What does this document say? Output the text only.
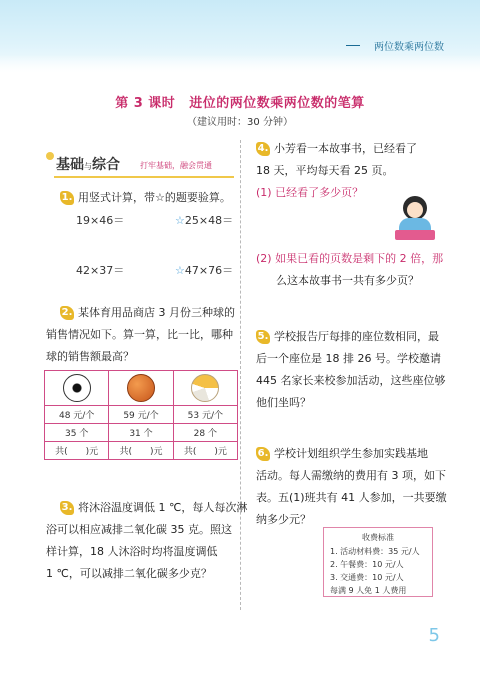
两位数乘两位数
第 3 课时 进位的两位数乘两位数的笔算
（建议用时：30 分钟）
基础与综合	打牢基础，融会贯通
1. 用竖式计算，带☆的题要验算。
19×46＝	☆25×48＝
42×37＝	☆47×76＝
2. 某体育用品商店 3 月份三种球的
销售情况如下。算一算，比一比，哪种
球的销售额最高？

48 元/个	59 元/个	53 元/个
35 个	31 个	28 个
共(　　)元	共(　　)元	共(　　)元
3. 将沐浴温度调低 1 ℃，每人每次淋
浴可以相应减排二氧化碳 35 克。照这
样计算，18 人沐浴时均将温度调低
1 ℃，可以减排二氧化碳多少克？
4. 小芳看一本故事书，已经看了
18 天，平均每天看 25 页。
(1) 已经看了多少页？
(2) 如果已看的页数是剩下的 2 倍，那
么这本故事书一共有多少页？
5. 学校报告厅每排的座位数相同，最
后一个座位是 18 排 26 号。学校邀请
445 名家长来校参加活动，这些座位够
他们坐吗？
6. 学校计划组织学生参加实践基地
活动。每人需缴纳的费用有 3 项，如下
表。五(1)班共有 41 人参加，一共要缴
纳多少元？
收费标准
1. 活动材料费：35 元/人
2. 午餐费：10 元/人
3. 交通费：10 元/人
每满 9 人免 1 人费用
5
